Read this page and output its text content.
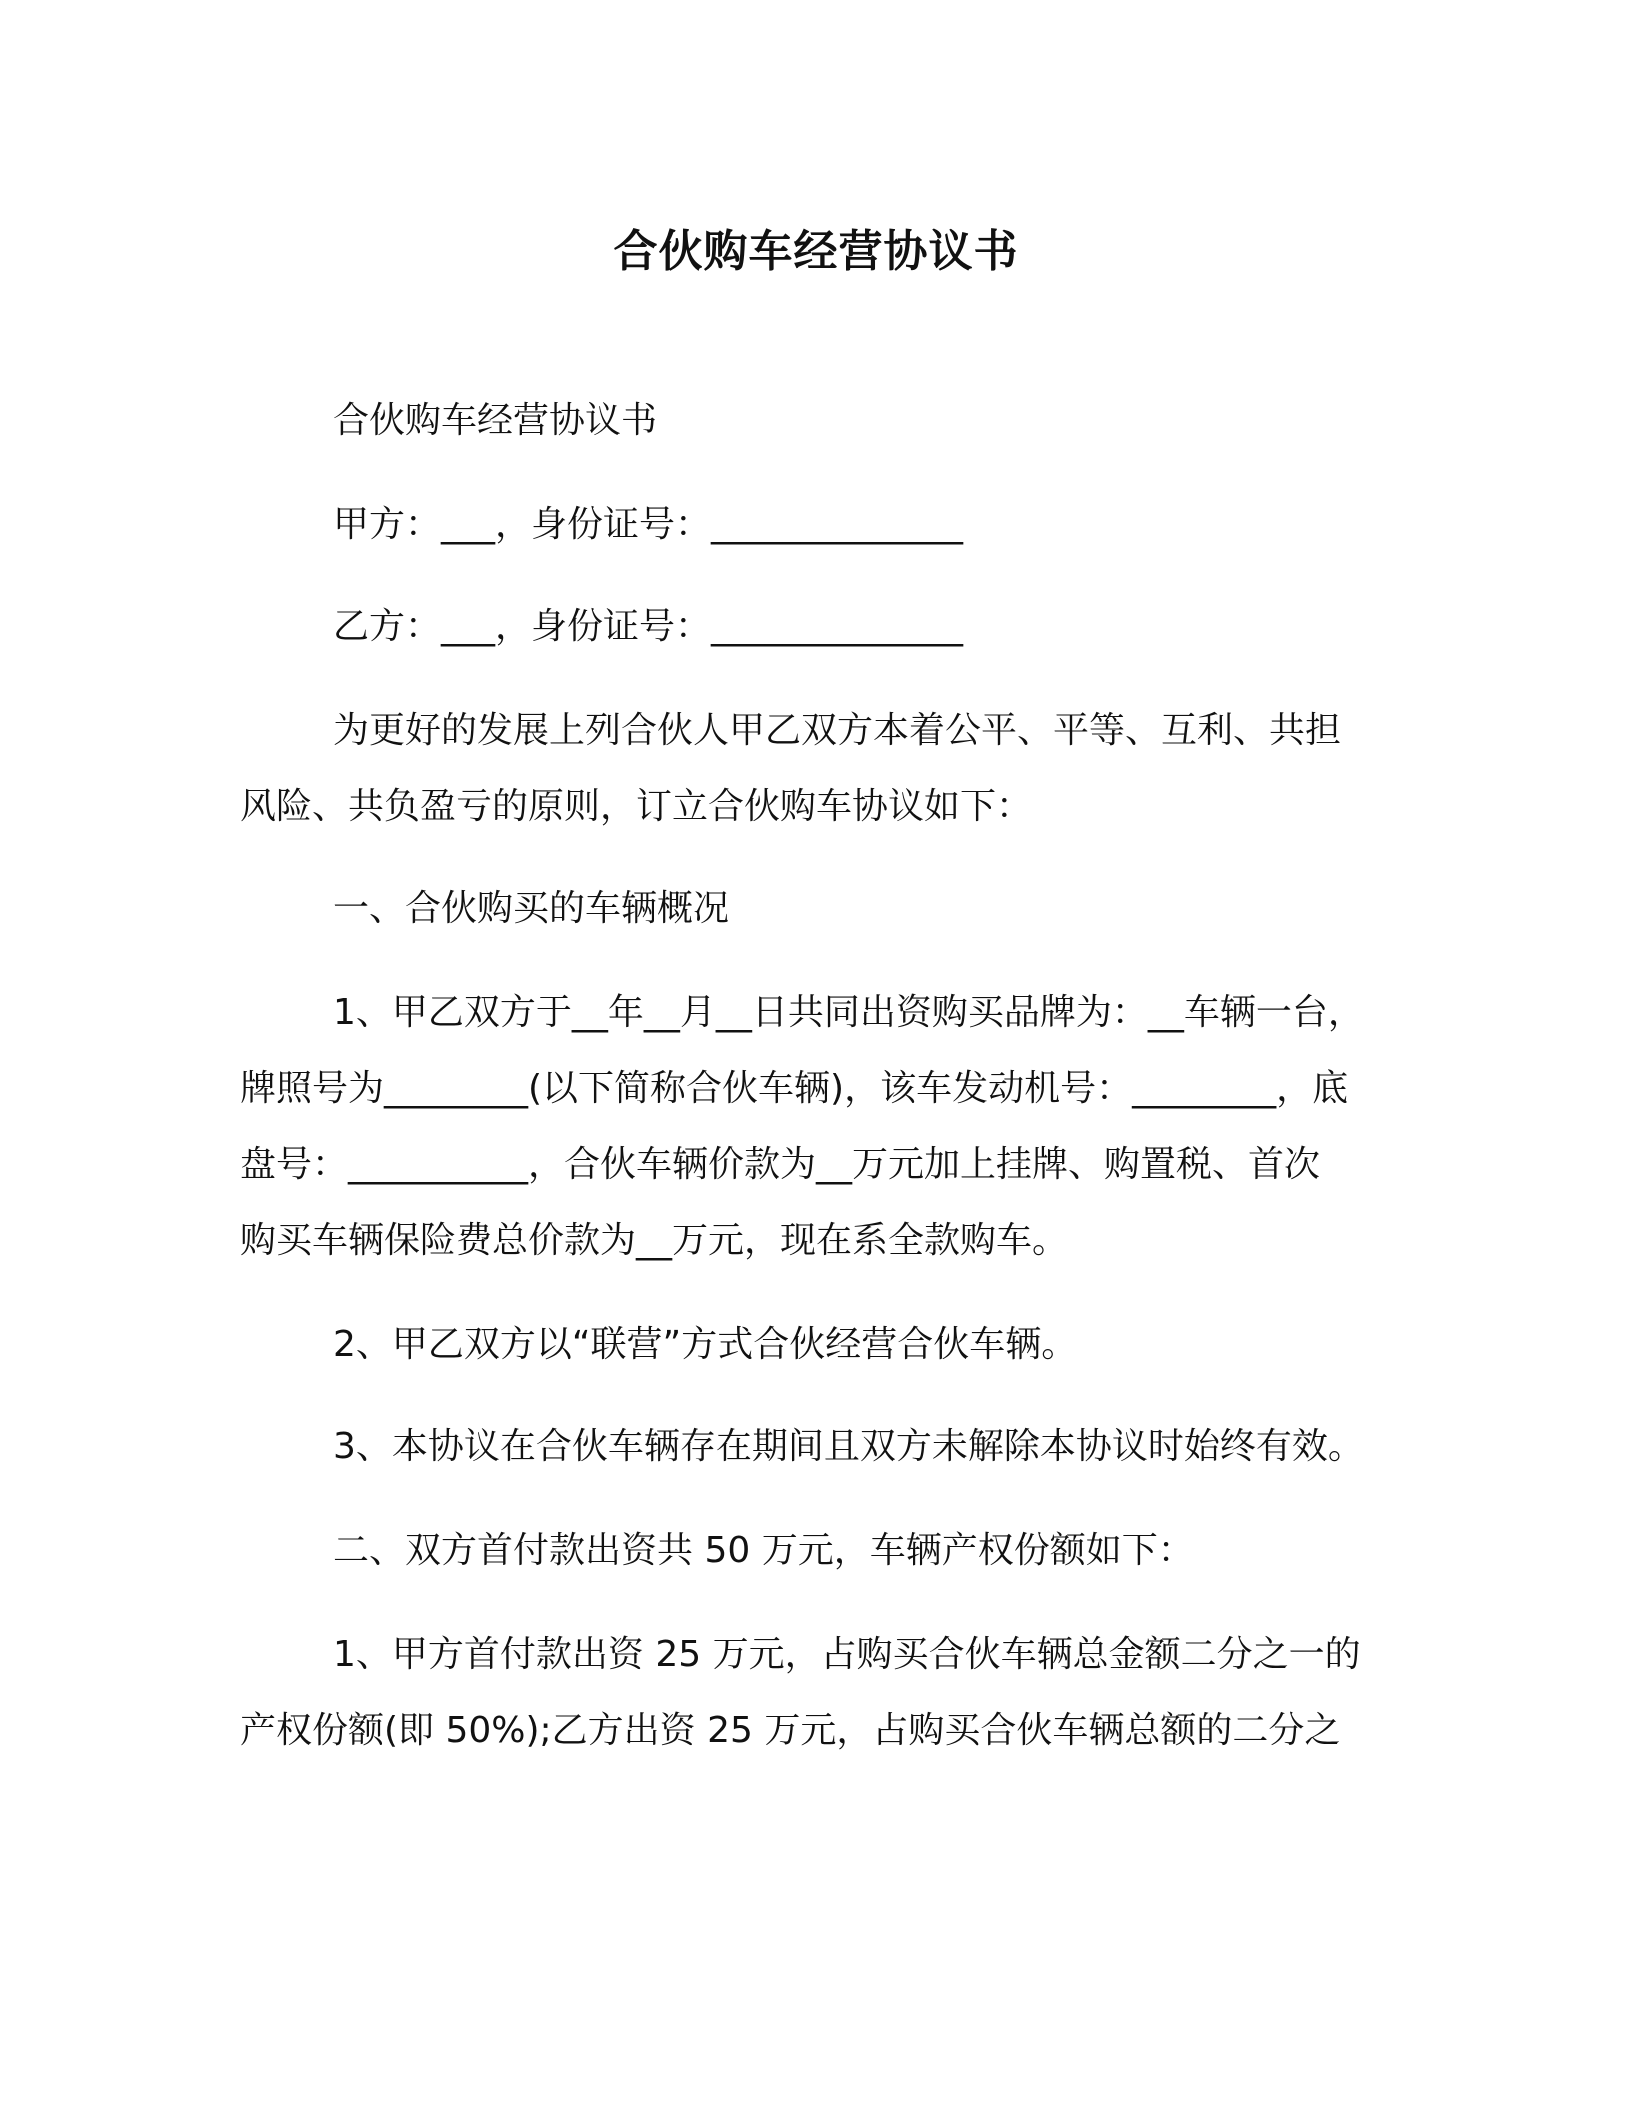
合伙购车经营协议书
合伙购车经营协议书
甲方：___，身份证号：______________
乙方：___，身份证号：______________
为更好的发展上列合伙人甲乙双方本着公平、平等、互利、共担
风险、共负盈亏的原则，订立合伙购车协议如下：
一、合伙购买的车辆概况
1、甲乙双方于__年__月__日共同出资购买品牌为：__车辆一台，
牌照号为________(以下简称合伙车辆)，该车发动机号：________，底
盘号：__________，合伙车辆价款为__万元加上挂牌、购置税、首次
购买车辆保险费总价款为__万元，现在系全款购车。
2、甲乙双方以“联营”方式合伙经营合伙车辆。
3、本协议在合伙车辆存在期间且双方未解除本协议时始终有效。
二、双方首付款出资共 50 万元，车辆产权份额如下：
1、甲方首付款出资 25 万元，占购买合伙车辆总金额二分之一的
产权份额(即 50%);乙方出资 25 万元，占购买合伙车辆总额的二分之
